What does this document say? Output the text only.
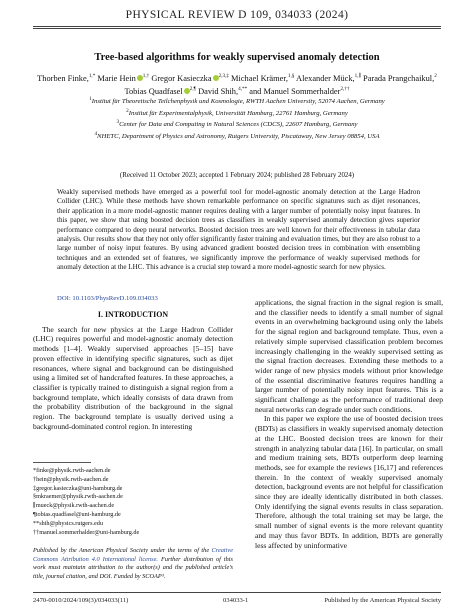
PHYSICAL REVIEW D 109, 034033 (2024)
Tree-based algorithms for weakly supervised anomaly detection
Thorben Finke,$^{1,*}$ Marie Hein $^{1,\dagger}$ Gregor Kasieczka $^{2,3,\ddagger}$ Michael Krämer,$^{1,\S}$ Alexander Mück,$^{1,\parallel}$ Parada Prangchaikul,$^2$
Tobias Quadfasel $^{2,\P}$ David Shih,$^{4,**}$ and Manuel Sommerhalder$^{2,\dagger\dagger}$
$^1$Institut für Theoretische Teilchenphysik und Kosmologie, RWTH Aachen University, 52074 Aachen, Germany
$^2$Institut für Experimentalphysik, Universität Hamburg, 22761 Hamburg, Germany
$^3$Center for Data and Computing in Natural Sciences (CDCS), 22607 Hamburg, Germany
$^4$NHETC, Department of Physics and Astronomy, Rutgers University, Piscataway, New Jersey 08854, USA
(Received 11 October 2023; accepted 1 February 2024; published 28 February 2024)
Weakly supervised methods have emerged as a powerful tool for model-agnostic anomaly detection at the Large Hadron Collider (LHC). While these methods have shown remarkable performance on specific signatures such as dijet resonances, their application in a more model-agnostic manner requires dealing with a larger number of potentially noisy input features. In this paper, we show that using boosted decision trees as classifiers in weakly supervised anomaly detection gives superior performance compared to deep neural networks. Boosted decision trees are well known for their effectiveness in tabular data analysis. Our results show that they not only offer significantly faster training and evaluation times, but they are also robust to a large number of noisy input features. By using advanced gradient boosted decision trees in combination with ensembling techniques and an extended set of features, we significantly improve the performance of weakly supervised methods for anomaly detection at the LHC. This advance is a crucial step toward a more model-agnostic search for new physics.
DOI: 10.1103/PhysRevD.109.034033

I. INTRODUCTION

The search for new physics at the Large Hadron Collider (LHC) requires powerful and model-agnostic anomaly detection methods [1–4]. Weakly supervised approaches [5–15] have proven effective in identifying specific signatures, such as dijet resonances, where signal and background can be distinguished using a limited set of handcrafted features. In these approaches, a classifier is typically trained to distinguish a signal region from a background template, which ideally consists of data drawn from the probability distribution of the background in the signal region. The background template is usually derived using a background-dominated control region. In interesting

applications, the signal fraction in the signal region is small, and the classifier needs to identify a small number of signal events in an overwhelming background using only the labels for the signal region and background template. Thus, even a relatively simple supervised classification problem becomes increasingly challenging in the weakly supervised setting as the signal fraction decreases. Extending these methods to a wider range of new physics models without prior knowledge of the essential discriminative features requires handling a larger number of potentially noisy input features. This is a significant challenge as the performance of traditional deep neural networks can degrade under such conditions.

In this paper we explore the use of boosted decision trees (BDTs) as classifiers in weakly supervised anomaly detection at the LHC. Boosted decision trees are known for their strength in analyzing tabular data [16]. In particular, on small and medium training sets, BDTs outperform deep learning methods, see for example the reviews [16,17] and references therein. In the context of weakly supervised anomaly detection, background events are not helpful for classification since they are ideally identically distributed in both classes. Only identifying the signal events results in class separation. Therefore, although the total training set may be large, the small number of signal events is the more relevant quantity and may thus favor BDTs. In addition, BDTs are generally less affected by uninformative

*finke@physik.rwth-aachen.de
†hein@physik.rwth-aachen.de
‡gregor.kasieczka@uni-hamburg.de
§mkraemer@physik.rwth-aachen.de
∥mueck@physik.rwth-aachen.de
¶tobias.quadfasel@uni-hamburg.de
**shih@physics.rutgers.edu
††manuel.sommerhalder@uni-hamburg.de
Published by the American Physical Society under the terms of the Creative Commons Attribution 4.0 International license. Further distribution of this work must maintain attribution to the author(s) and the published article’s title, journal citation, and DOI. Funded by SCOAP³.
2470-0010/2024/109(3)/034033(11)	034033-1	Published by the American Physical Society
